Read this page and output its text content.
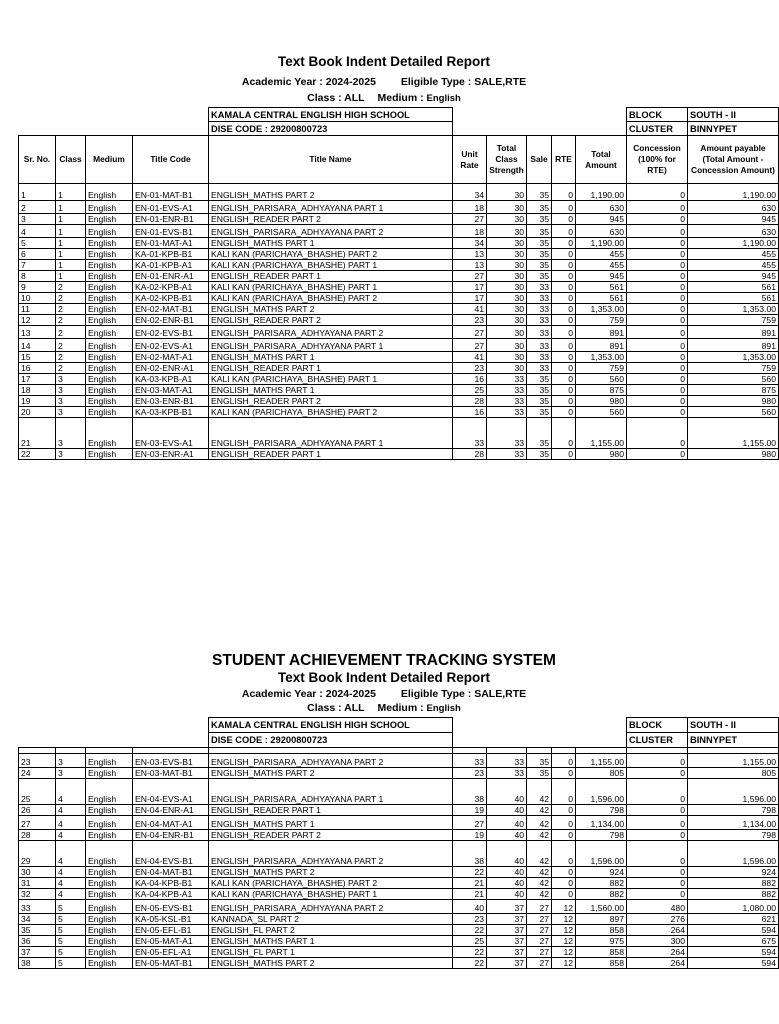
Text Book Indent Detailed Report
Academic Year : 2024-2025 Eligible Type : SALE,RTE
Class : ALL Medium : English
				KAMALA CENTRAL ENGLISH HIGH SCHOOL						BLOCK	SOUTH - II
				DISE CODE : 29200800723						CLUSTER	BINNYPET
Sr. No.	Class	Medium	Title Code	Title Name	Unit Rate	Total Class Strength	Sale	RTE	Total Amount	Concession (100% for RTE)	Amount payable (Total Amount - Concession Amount)
1	1	English	EN-01-MAT-B1	ENGLISH_MATHS PART 2	34	30	35	0	1,190.00	0	1,190.00
2	1	English	EN-01-EVS-A1	ENGLISH_PARISARA_ADHYAYANA PART 1	18	30	35	0	630	0	630
3	1	English	EN-01-ENR-B1	ENGLISH_READER PART 2	27	30	35	0	945	0	945
4	1	English	EN-01-EVS-B1	ENGLISH_PARISARA_ADHYAYANA PART 2	18	30	35	0	630	0	630
5	1	English	EN-01-MAT-A1	ENGLISH_MATHS PART 1	34	30	35	0	1,190.00	0	1,190.00
6	1	English	KA-01-KPB-B1	KALI KAN (PARICHAYA_BHASHE) PART 2	13	30	35	0	455	0	455
7	1	English	KA-01-KPB-A1	KALI KAN (PARICHAYA_BHASHE) PART 1	13	30	35	0	455	0	455
8	1	English	EN-01-ENR-A1	ENGLISH_READER PART 1	27	30	35	0	945	0	945
9	2	English	KA-02-KPB-A1	KALI KAN (PARICHAYA_BHASHE) PART 1	17	30	33	0	561	0	561
10	2	English	KA-02-KPB-B1	KALI KAN (PARICHAYA_BHASHE) PART 2	17	30	33	0	561	0	561
11	2	English	EN-02-MAT-B1	ENGLISH_MATHS PART 2	41	30	33	0	1,353.00	0	1,353.00
12	2	English	EN-02-ENR-B1	ENGLISH_READER PART 2	23	30	33	0	759	0	759
13	2	English	EN-02-EVS-B1	ENGLISH_PARISARA_ADHYAYANA PART 2	27	30	33	0	891	0	891
14	2	English	EN-02-EVS-A1	ENGLISH_PARISARA_ADHYAYANA PART 1	27	30	33	0	891	0	891
15	2	English	EN-02-MAT-A1	ENGLISH_MATHS PART 1	41	30	33	0	1,353.00	0	1,353.00
16	2	English	EN-02-ENR-A1	ENGLISH_READER PART 1	23	30	33	0	759	0	759
17	3	English	KA-03-KPB-A1	KALI KAN (PARICHAYA_BHASHE) PART 1	16	33	35	0	560	0	560
18	3	English	EN-03-MAT-A1	ENGLISH_MATHS PART 1	25	33	35	0	875	0	875
19	3	English	EN-03-ENR-B1	ENGLISH_READER PART 2	28	33	35	0	980	0	980
20	3	English	KA-03-KPB-B1	KALI KAN (PARICHAYA_BHASHE) PART 2	16	33	35	0	560	0	560
21	3	English	EN-03-EVS-A1	ENGLISH_PARISARA_ADHYAYANA PART 1	33	33	35	0	1,155.00	0	1,155.00
22	3	English	EN-03-ENR-A1	ENGLISH_READER PART 1	28	33	35	0	980	0	980
STUDENT ACHIEVEMENT TRACKING SYSTEM
Text Book Indent Detailed Report
Academic Year : 2024-2025 Eligible Type : SALE,RTE
Class : ALL Medium : English
				KAMALA CENTRAL ENGLISH HIGH SCHOOL						BLOCK	SOUTH - II
				DISE CODE : 29200800723						CLUSTER	BINNYPET

23	3	English	EN-03-EVS-B1	ENGLISH_PARISARA_ADHYAYANA PART 2	33	33	35	0	1,155.00	0	1,155.00
24	3	English	EN-03-MAT-B1	ENGLISH_MATHS PART 2	23	33	35	0	805	0	805
25	4	English	EN-04-EVS-A1	ENGLISH_PARISARA_ADHYAYANA PART 1	38	40	42	0	1,596.00	0	1,596.00
26	4	English	EN-04-ENR-A1	ENGLISH_READER PART 1	19	40	42	0	798	0	798
27	4	English	EN-04-MAT-A1	ENGLISH_MATHS PART 1	27	40	42	0	1,134.00	0	1,134.00
28	4	English	EN-04-ENR-B1	ENGLISH_READER PART 2	19	40	42	0	798	0	798
29	4	English	EN-04-EVS-B1	ENGLISH_PARISARA_ADHYAYANA PART 2	38	40	42	0	1,596.00	0	1,596.00
30	4	English	EN-04-MAT-B1	ENGLISH_MATHS PART 2	22	40	42	0	924	0	924
31	4	English	KA-04-KPB-B1	KALI KAN (PARICHAYA_BHASHE) PART 2	21	40	42	0	882	0	882
32	4	English	KA-04-KPB-A1	KALI KAN (PARICHAYA_BHASHE) PART 1	21	40	42	0	882	0	882
33	5	English	EN-05-EVS-B1	ENGLISH_PARISARA_ADHYAYANA PART 2	40	37	27	12	1,560.00	480	1,080.00
34	5	English	KA-05-KSL-B1	KANNADA_SL PART 2	23	37	27	12	897	276	621
35	5	English	EN-05-EFL-B1	ENGLISH_FL PART 2	22	37	27	12	858	264	594
36	5	English	EN-05-MAT-A1	ENGLISH_MATHS PART 1	25	37	27	12	975	300	675
37	5	English	EN-05-EFL-A1	ENGLISH_FL PART 1	22	37	27	12	858	264	594
38	5	English	EN-05-MAT-B1	ENGLISH_MATHS PART 2	22	37	27	12	858	264	594
